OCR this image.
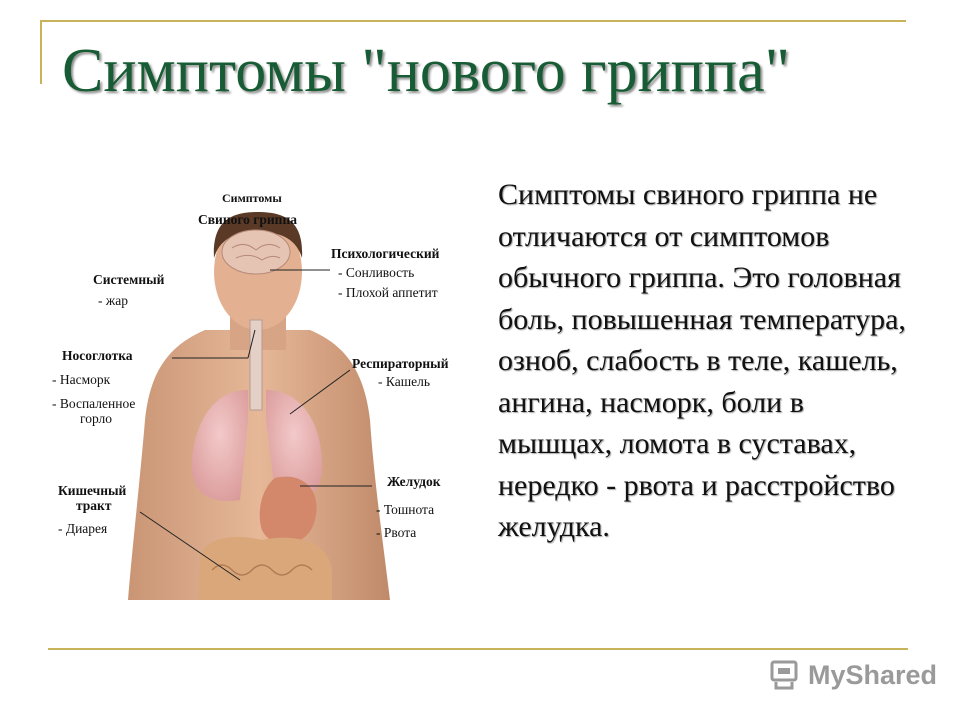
Симптомы "нового гриппа"
Симптомы
Свиного гриппа
Психологический
- Сонливость
- Плохой аппетит
Системный
- жар
Носоглотка
- Насморк
- Воспаленное
горло
Респираторный
- Кашель
Желудок
- Тошнота
- Рвота
Кишечный
тракт
- Диарея
Симптомы свиного гриппа не отличаются от симптомов обычного гриппа. Это головная боль, повышенная температура, озноб, слабость в теле, кашель, ангина, насморк, боли в мышцах, ломота в суставах, нередко - рвота и расстройство желудка.
MyShared
